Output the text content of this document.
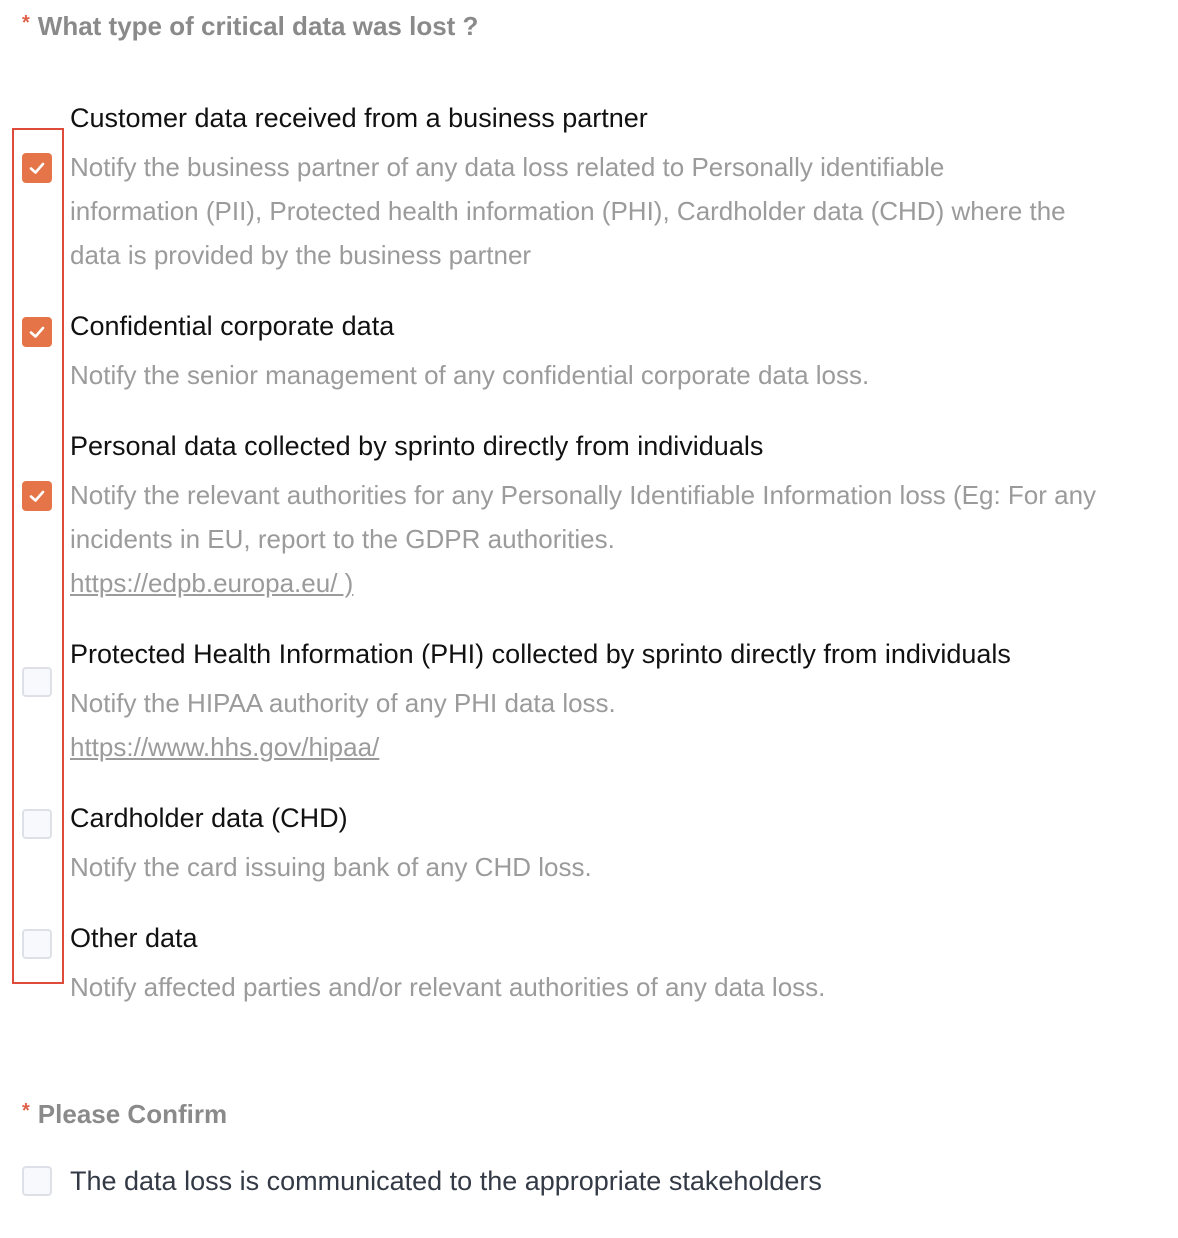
* What type of critical data was lost ?
Customer data received from a business partner
Notify the business partner of any data loss related to Personally identifiable information (PII), Protected health information (PHI), Cardholder data (CHD) where the data is provided by the business partner
Confidential corporate data
Notify the senior management of any confidential corporate data loss.
Personal data collected by sprinto directly from individuals
Notify the relevant authorities for any Personally Identifiable Information loss (Eg: For any incidents in EU, report to the GDPR authorities.
https://edpb.europa.eu/ )
Protected Health Information (PHI) collected by sprinto directly from individuals
Notify the HIPAA authority of any PHI data loss.
https://www.hhs.gov/hipaa/
Cardholder data (CHD)
Notify the card issuing bank of any CHD loss.
Other data
Notify affected parties and/or relevant authorities of any data loss.
* Please Confirm
The data loss is communicated to the appropriate stakeholders
